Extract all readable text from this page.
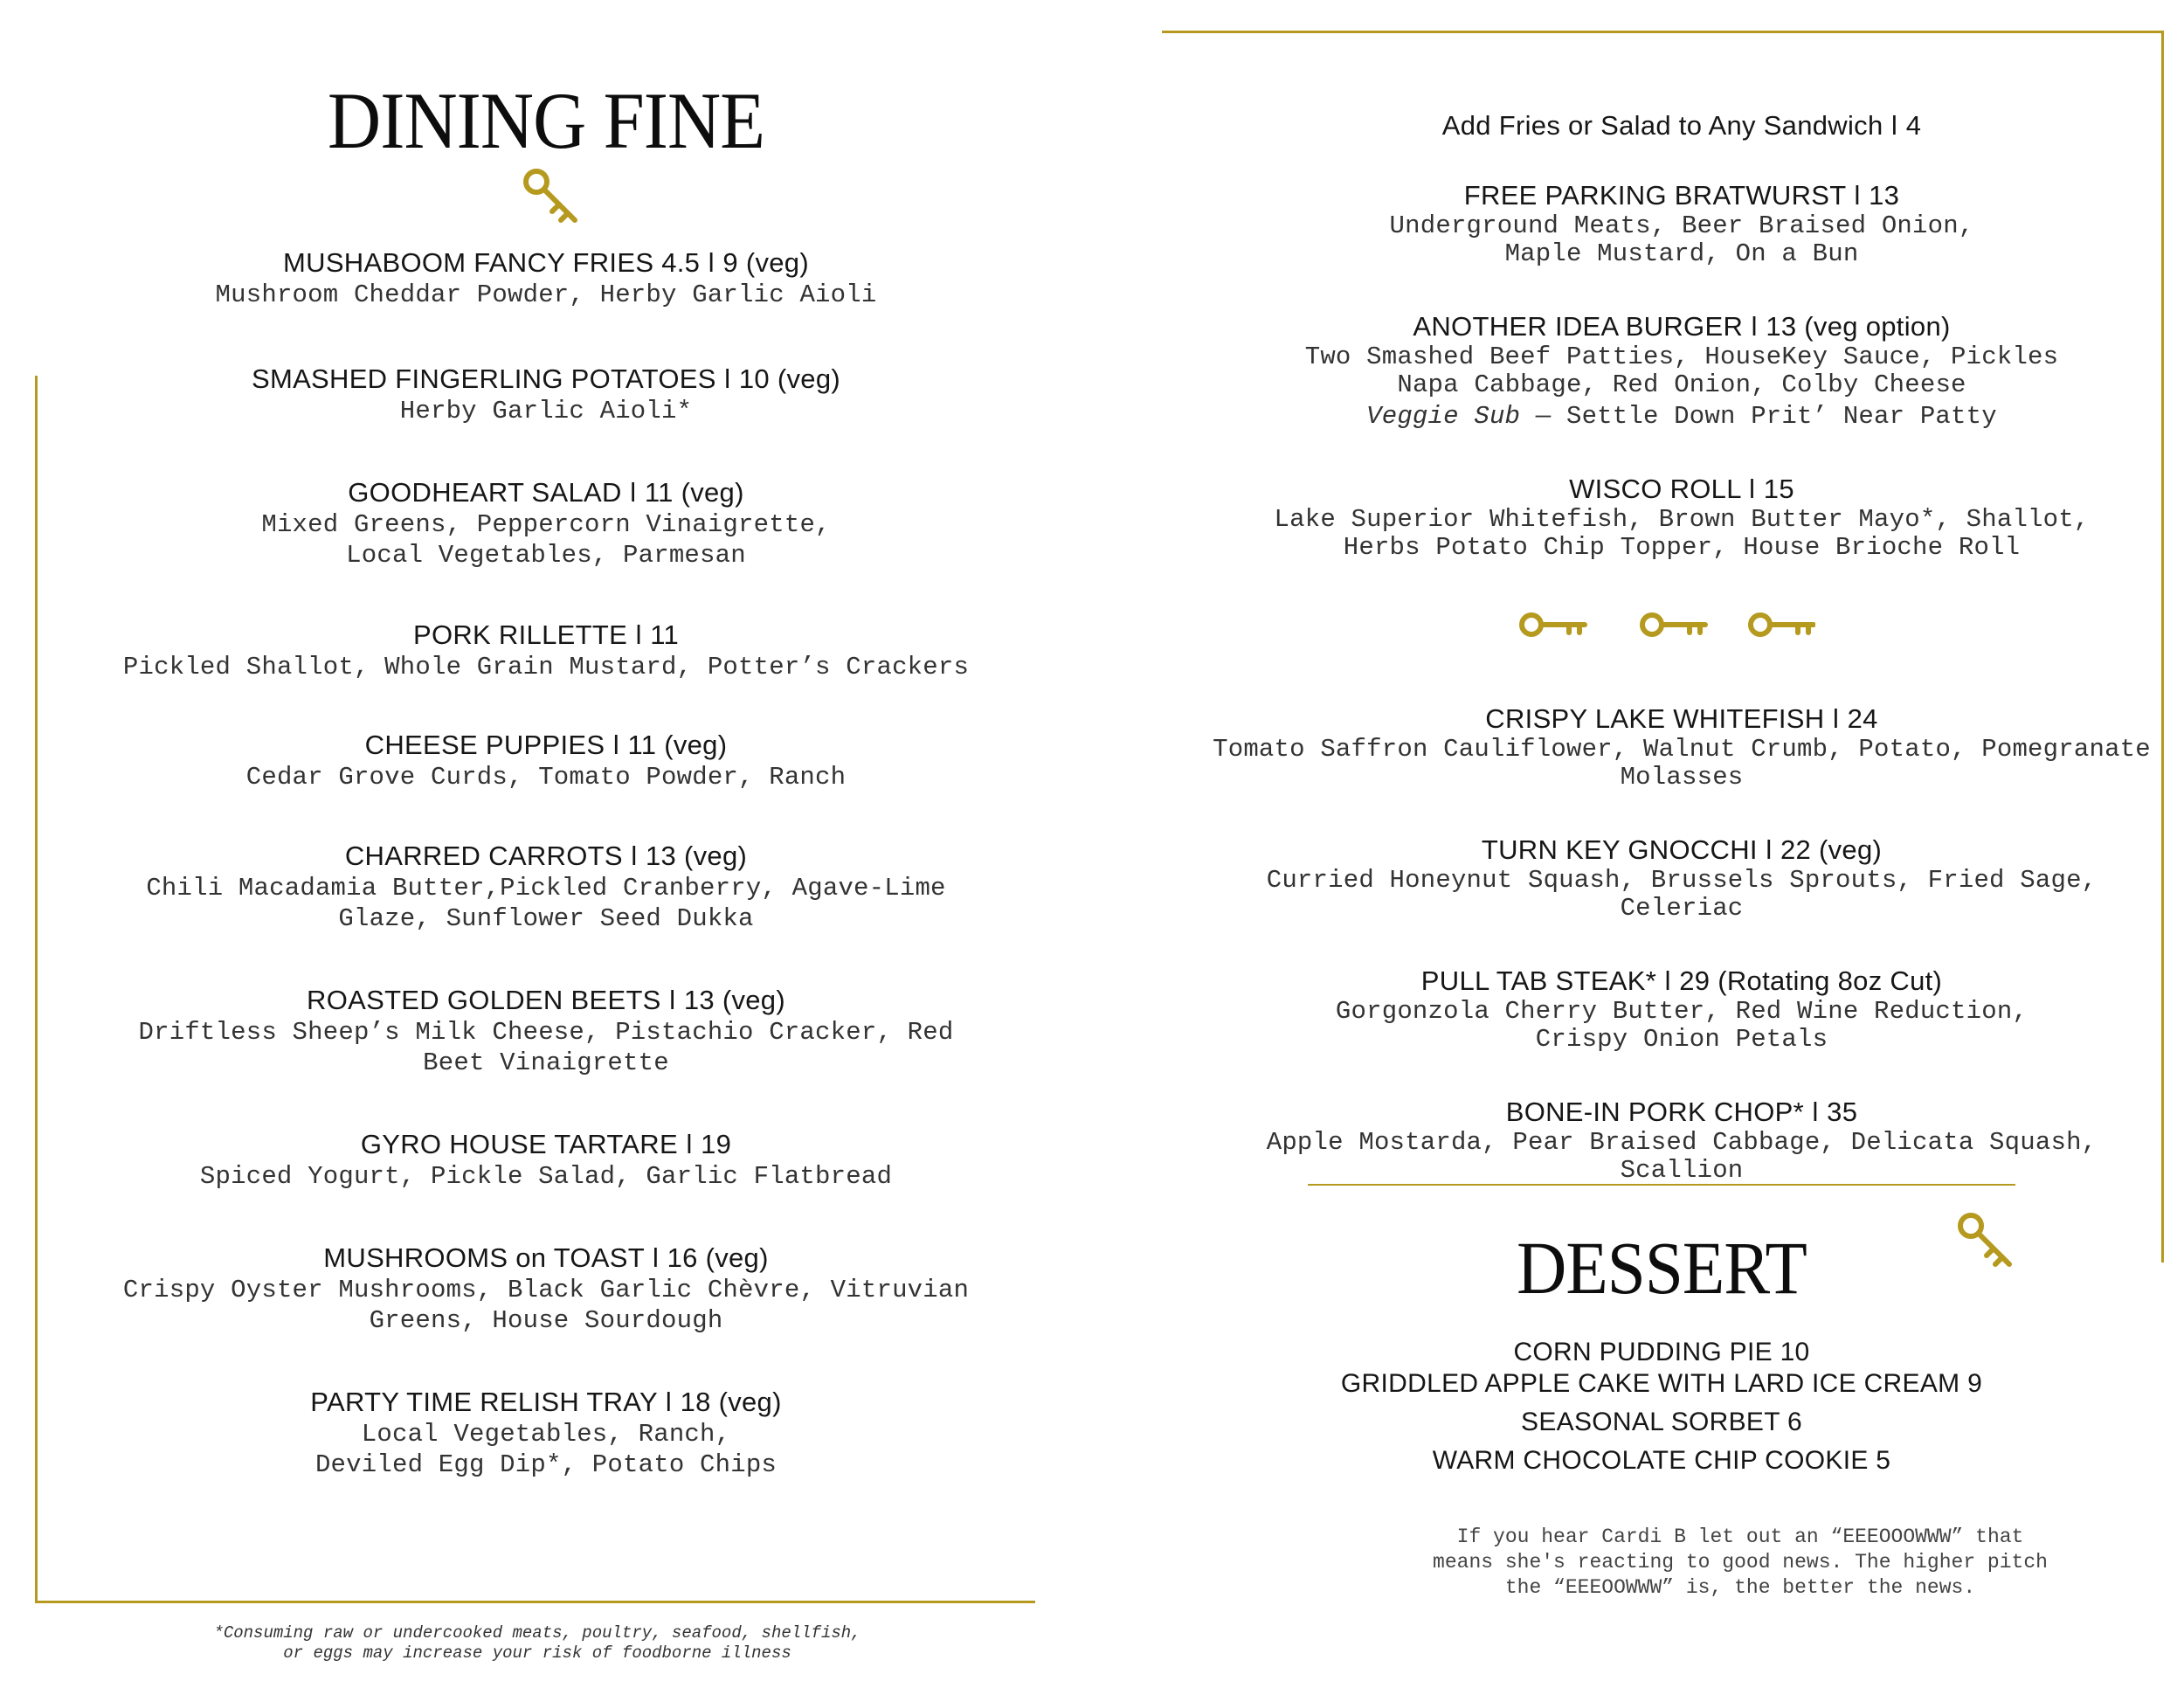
DINING FINE
MUSHABOOM FANCY FRIES 4.5 ǀ 9 (veg)
Mushroom Cheddar Powder, Herby Garlic Aioli
SMASHED FINGERLING POTATOES ǀ 10 (veg)
Herby Garlic Aioli*
GOODHEART SALAD ǀ 11 (veg)
Mixed Greens, Peppercorn Vinaigrette,
Local Vegetables, Parmesan
PORK RILLETTE ǀ 11
Pickled Shallot, Whole Grain Mustard, Potter’s Crackers
CHEESE PUPPIES ǀ 11 (veg)
Cedar Grove Curds, Tomato Powder, Ranch
CHARRED CARROTS ǀ 13 (veg)
Chili Macadamia Butter,Pickled Cranberry, Agave-Lime
Glaze, Sunflower Seed Dukka
ROASTED GOLDEN BEETS ǀ 13 (veg)
Driftless Sheep’s Milk Cheese, Pistachio Cracker, Red
Beet Vinaigrette
GYRO HOUSE TARTARE ǀ 19
Spiced Yogurt, Pickle Salad, Garlic Flatbread
MUSHROOMS on TOAST ǀ 16 (veg)
Crispy Oyster Mushrooms, Black Garlic Chèvre, Vitruvian
Greens, House Sourdough
PARTY TIME RELISH TRAY ǀ 18 (veg)
Local Vegetables, Ranch,
Deviled Egg Dip*, Potato Chips
*Consuming raw or undercooked meats, poultry, seafood, shellfish,
or eggs may increase your risk of foodborne illness
Add Fries or Salad to Any Sandwich ǀ 4
FREE PARKING BRATWURST ǀ 13
Underground Meats, Beer Braised Onion,
Maple Mustard, On a Bun
ANOTHER IDEA BURGER ǀ 13 (veg option)
Two Smashed Beef Patties, HouseKey Sauce, Pickles
Napa Cabbage, Red Onion, Colby Cheese
Veggie Sub — Settle Down Prit’ Near Patty
WISCO ROLL ǀ 15
Lake Superior Whitefish, Brown Butter Mayo*, Shallot,
Herbs Potato Chip Topper, House Brioche Roll
CRISPY LAKE WHITEFISH ǀ 24
Tomato Saffron Cauliflower, Walnut Crumb, Potato, Pomegranate
Molasses
TURN KEY GNOCCHI ǀ 22 (veg)
Curried Honeynut Squash, Brussels Sprouts, Fried Sage,
Celeriac
PULL TAB STEAK* ǀ 29 (Rotating 8oz Cut)
Gorgonzola Cherry Butter, Red Wine Reduction,
Crispy Onion Petals
BONE-IN PORK CHOP* ǀ 35
Apple Mostarda, Pear Braised Cabbage, Delicata Squash,
Scallion
DESSERT
CORN PUDDING PIE 10
GRIDDLED APPLE CAKE WITH LARD ICE CREAM 9
SEASONAL SORBET 6
WARM CHOCOLATE CHIP COOKIE 5
If you hear Cardi B let out an “EEEOOOWWW” that
means she's reacting to good news. The higher pitch
the “EEEOOWWW” is, the better the news.
